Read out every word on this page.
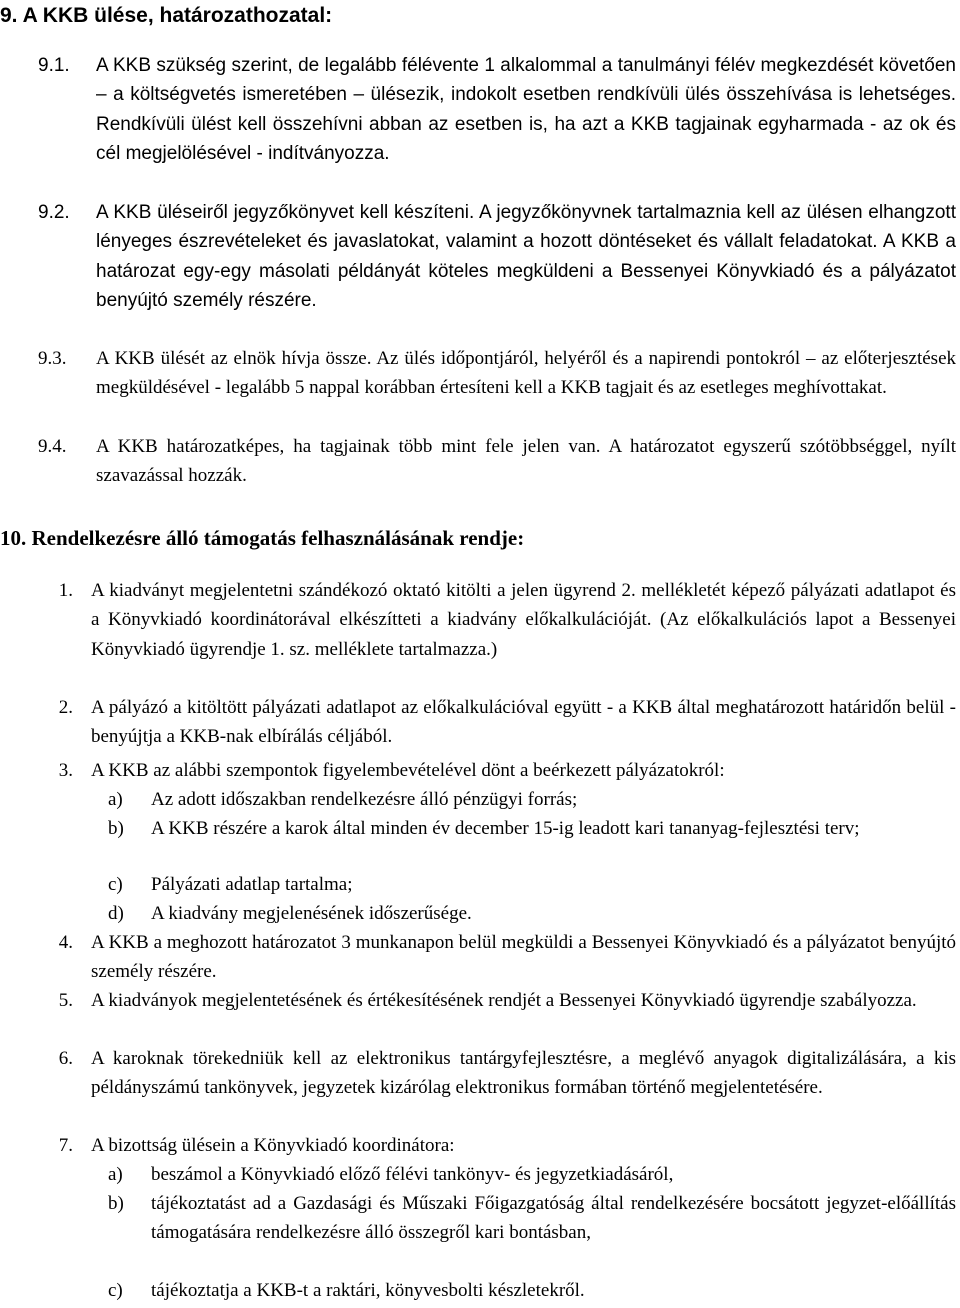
9. A KKB ülése, határozathozatal:
9.1. A KKB szükség szerint, de legalább félévente 1 alkalommal a tanulmányi félév megkezdését követően – a költségvetés ismeretében – ülésezik, indokolt esetben rendkívüli ülés összehívása is lehetséges. Rendkívüli ülést kell összehívni abban az esetben is, ha azt a KKB tagjainak egyharmada - az ok és cél megjelölésével - indítványozza.
9.2. A KKB üléseiről jegyzőkönyvet kell készíteni. A jegyzőkönyvnek tartalmaznia kell az ülésen elhangzott lényeges észrevételeket és javaslatokat, valamint a hozott döntéseket és vállalt feladatokat. A KKB a határozat egy-egy másolati példányát köteles megküldeni a Bessenyei Könyvkiadó és a pályázatot benyújtó személy részére.
9.3. A KKB ülését az elnök hívja össze. Az ülés időpontjáról, helyéről és a napirendi pontokról – az előterjesztések megküldésével - legalább 5 nappal korábban értesíteni kell a KKB tagjait és az esetleges meghívottakat.
9.4. A KKB határozatképes, ha tagjainak több mint fele jelen van. A határozatot egyszerű szótöbbséggel, nyílt szavazással hozzák.
10. Rendelkezésre álló támogatás felhasználásának rendje:
1. A kiadványt megjelentetni szándékozó oktató kitölti a jelen ügyrend 2. mellékletét képező pályázati adatlapot és a Könyvkiadó koordinátorával elkészítteti a kiadvány előkalkulációját. (Az előkalkulációs lapot a Bessenyei Könyvkiadó ügyrendje 1. sz. melléklete tartalmazza.)
2. A pályázó a kitöltött pályázati adatlapot az előkalkulációval együtt - a KKB által meghatározott határidőn belül - benyújtja a KKB-nak elbírálás céljából.
3. A KKB az alábbi szempontok figyelembevételével dönt a beérkezett pályázatokról:
a) Az adott időszakban rendelkezésre álló pénzügyi forrás;
b) A KKB részére a karok által minden év december 15-ig leadott kari tananyag-fejlesztési terv;
c) Pályázati adatlap tartalma;
d) A kiadvány megjelenésének időszerűsége.
4. A KKB a meghozott határozatot 3 munkanapon belül megküldi a Bessenyei Könyvkiadó és a pályázatot benyújtó személy részére.
5. A kiadványok megjelentetésének és értékesítésének rendjét a Bessenyei Könyvkiadó ügyrendje szabályozza.
6. A karoknak törekedniük kell az elektronikus tantárgyfejlesztésre, a meglévő anyagok digitalizálására, a kis példányszámú tankönyvek, jegyzetek kizárólag elektronikus formában történő megjelentetésére.
7. A bizottság ülésein a Könyvkiadó koordinátora:
a) beszámol a Könyvkiadó előző félévi tankönyv- és jegyzetkiadásáról,
b) tájékoztatást ad a Gazdasági és Műszaki Főigazgatóság által rendelkezésére bocsátott jegyzet-előállítás támogatására rendelkezésre álló összegről kari bontásban,
c) tájékoztatja a KKB-t a raktári, könyvesbolti készletekről.
